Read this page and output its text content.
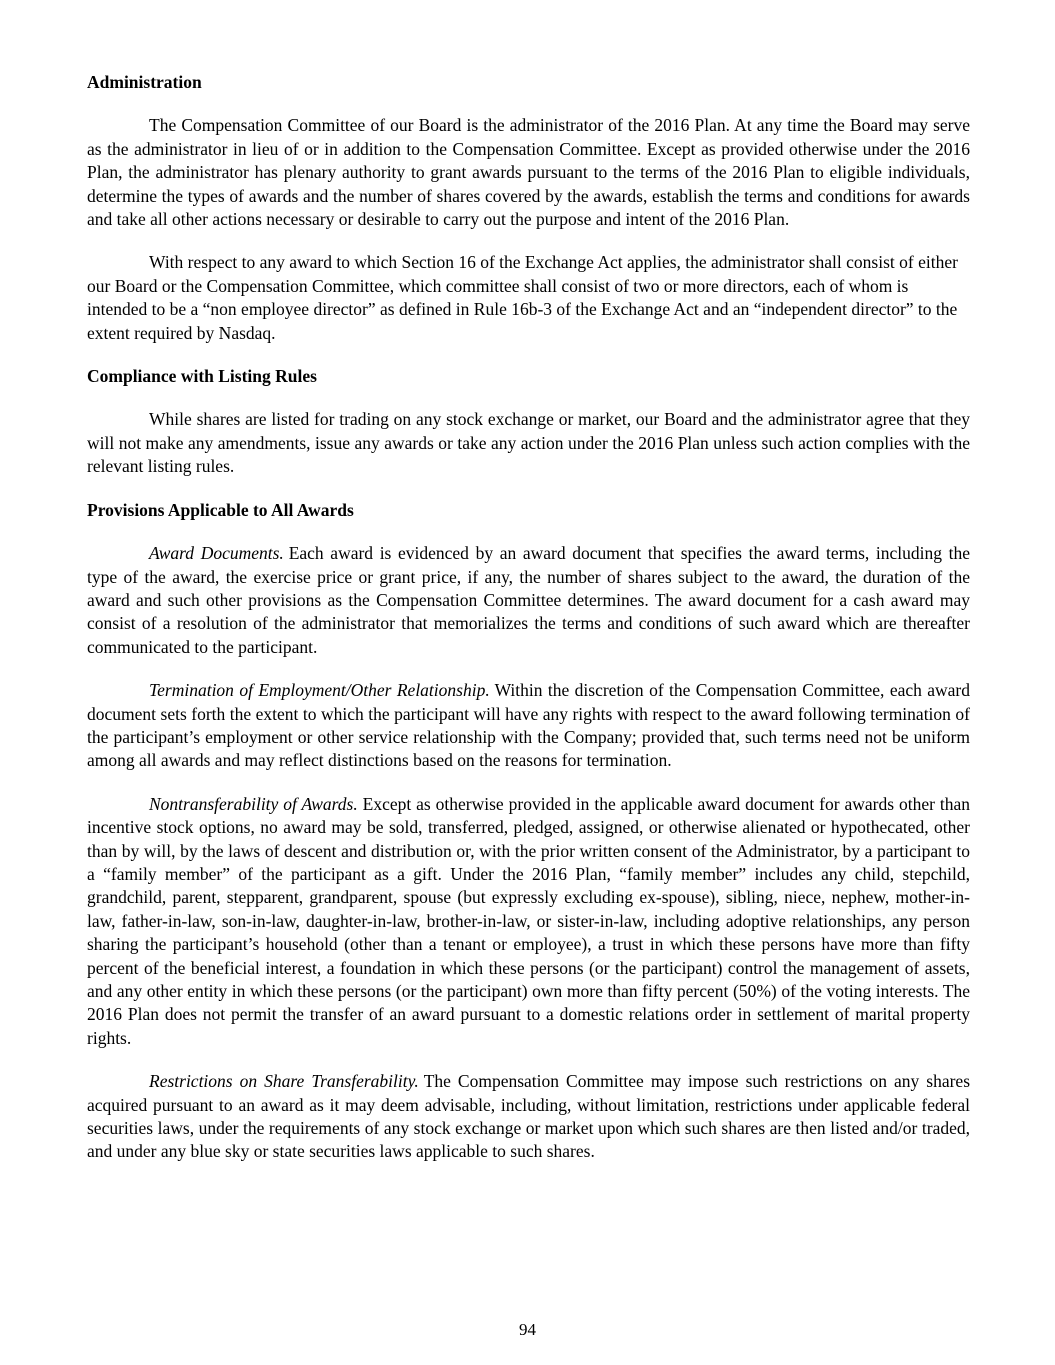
Administration

The Compensation Committee of our Board is the administrator of the 2016 Plan. At any time the Board may serve as the administrator in lieu of or in addition to the Compensation Committee. Except as provided otherwise under the 2016 Plan, the administrator has plenary authority to grant awards pursuant to the terms of the 2016 Plan to eligible individuals, determine the types of awards and the number of shares covered by the awards, establish the terms and conditions for awards and take all other actions necessary or desirable to carry out the purpose and intent of the 2016 Plan.

With respect to any award to which Section 16 of the Exchange Act applies, the administrator shall consist of either our Board or the Compensation Committee, which committee shall consist of two or more directors, each of whom is intended to be a “non employee director” as defined in Rule 16b-3 of the Exchange Act and an “independent director” to the extent required by Nasdaq.

Compliance with Listing Rules

While shares are listed for trading on any stock exchange or market, our Board and the administrator agree that they will not make any amendments, issue any awards or take any action under the 2016 Plan unless such action complies with the relevant listing rules.

Provisions Applicable to All Awards

Award Documents. Each award is evidenced by an award document that specifies the award terms, including the type of the award, the exercise price or grant price, if any, the number of shares subject to the award, the duration of the award and such other provisions as the Compensation Committee determines. The award document for a cash award may consist of a resolution of the administrator that memorializes the terms and conditions of such award which are thereafter communicated to the participant.

Termination of Employment/Other Relationship. Within the discretion of the Compensation Committee, each award document sets forth the extent to which the participant will have any rights with respect to the award following termination of the participant’s employment or other service relationship with the Company; provided that, such terms need not be uniform among all awards and may reflect distinctions based on the reasons for termination.

Nontransferability of Awards. Except as otherwise provided in the applicable award document for awards other than incentive stock options, no award may be sold, transferred, pledged, assigned, or otherwise alienated or hypothecated, other than by will, by the laws of descent and distribution or, with the prior written consent of the Administrator, by a participant to a “family member” of the participant as a gift. Under the 2016 Plan, “family member” includes any child, stepchild, grandchild, parent, stepparent, grandparent, spouse (but expressly excluding ex-spouse), sibling, niece, nephew, mother-in-law, father-in-law, son-in-law, daughter-in-law, brother-in-law, or sister-in-law, including adoptive relationships, any person sharing the participant’s household (other than a tenant or employee), a trust in which these persons have more than fifty percent of the beneficial interest, a foundation in which these persons (or the participant) control the management of assets, and any other entity in which these persons (or the participant) own more than fifty percent (50%) of the voting interests. The 2016 Plan does not permit the transfer of an award pursuant to a domestic relations order in settlement of marital property rights.

Restrictions on Share Transferability. The Compensation Committee may impose such restrictions on any shares acquired pursuant to an award as it may deem advisable, including, without limitation, restrictions under applicable federal securities laws, under the requirements of any stock exchange or market upon which such shares are then listed and/or traded, and under any blue sky or state securities laws applicable to such shares.

94
